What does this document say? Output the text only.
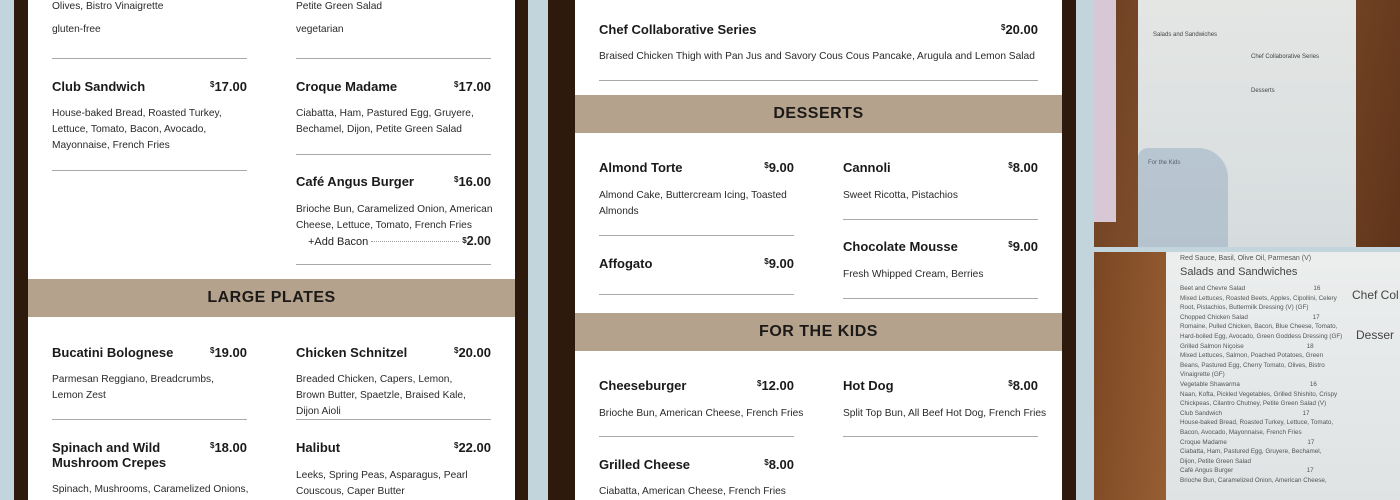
Olives, Bistro Vinaigrette
gluten-free
Petite Green Salad
vegetarian
Club Sandwich	$17.00
House-baked Bread, Roasted Turkey, Lettuce, Tomato, Bacon, Avocado, Mayonnaise, French Fries
Croque Madame	$17.00
Ciabatta, Ham, Pastured Egg, Gruyere, Bechamel, Dijon, Petite Green Salad
Café Angus Burger	$16.00
Brioche Bun, Caramelized Onion, American Cheese, Lettuce, Tomato, French Fries
+Add Bacon	$2.00
LARGE PLATES
Bucatini Bolognese	$19.00
Parmesan Reggiano, Breadcrumbs, Lemon Zest
Chicken Schnitzel	$20.00
Breaded Chicken, Capers, Lemon, Brown Butter, Spaetzle, Braised Kale, Dijon Aioli
Spinach and Wild Mushroom Crepes
$18.00
Spinach, Mushrooms, Caramelized Onions,
Halibut	$22.00
Leeks, Spring Peas, Asparagus, Pearl Couscous, Caper Butter
Chef Collaborative Series	$20.00
Braised Chicken Thigh with Pan Jus and Savory Cous Cous Pancake, Arugula and Lemon Salad
DESSERTS
Almond Torte	$9.00
Almond Cake, Buttercream Icing, Toasted Almonds
Affogato	$9.00
Cannoli	$8.00
Sweet Ricotta, Pistachios
Chocolate Mousse	$9.00
Fresh Whipped Cream, Berries
FOR THE KIDS
Cheeseburger	$12.00
Brioche Bun, American Cheese, French Fries
Hot Dog	$8.00
Split Top Bun, All Beef Hot Dog, French Fries
Grilled Cheese	$8.00
Ciabatta, American Cheese, French Fries
Salads and Sandwiches
Chef Collaborative Series
Desserts
For the Kids
Red Sauce, Basil, Olive Oil, Parmesan (V)
Salads and Sandwiches
Beet and Chevre Salad                                       16
Mixed Lettuces, Roasted Beets, Apples, Cipollini, Celery
Root, Pistachios, Buttermilk Dressing (V) (GF)
Chopped Chicken Salad                                     17
Romaine, Pulled Chicken, Bacon, Blue Cheese, Tomato,
Hard-boiled Egg, Avocado, Green Goddess Dressing (GF)
Grilled Salmon Niçoise                                    18
Mixed Lettuces, Salmon, Poached Potatoes, Green
Beans, Pastured Egg, Cherry Tomato, Olives, Bistro
Vinaigrette (GF)
Vegetable Shawarma                                        16
Naan, Kofta, Pickled Vegetables, Grilled Shishito, Crispy
Chickpeas, Cilantro Chutney, Petite Green Salad (V)
Club Sandwich                                              17
House-baked Bread, Roasted Turkey, Lettuce, Tomato,
Bacon, Avocado, Mayonnaise, French Fries
Croque Madame                                              17
Ciabatta, Ham, Pastured Egg, Gruyere, Bechamel,
Dijon, Petite Green Salad
Café Angus Burger                                          17
Brioche Bun, Caramelized Onion, American Cheese,
Chef Col
Desser
